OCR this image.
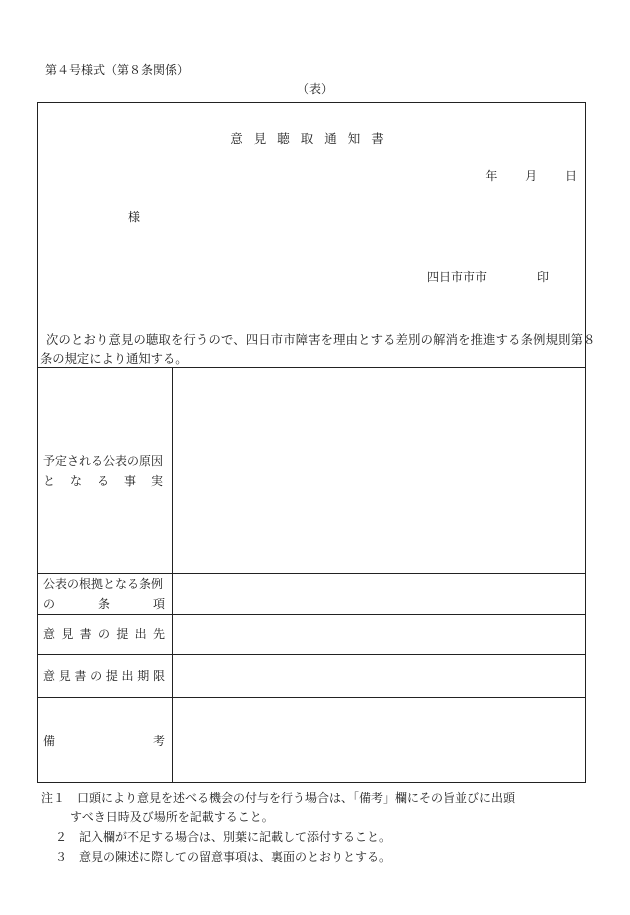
第４号様式（第８条関係）
（表）
意見聴取通知書
年 月 日
様
四日市市市	印
次のとおり意見の聴取を行うので、四日市市障害を理由とする差別の解消を推進する条例規則第８
条の規定により通知する。
予定される公表の原因
となる事実
公表の根拠となる条例
の条項
意見書の提出先
意見書の提出期限
備考
注１　口頭により意見を述べる機会の付与を行う場合は、「備考」欄にその旨並びに出頭
すべき日時及び場所を記載すること。
２　記入欄が不足する場合は、別葉に記載して添付すること。
３　意見の陳述に際しての留意事項は、裏面のとおりとする。
